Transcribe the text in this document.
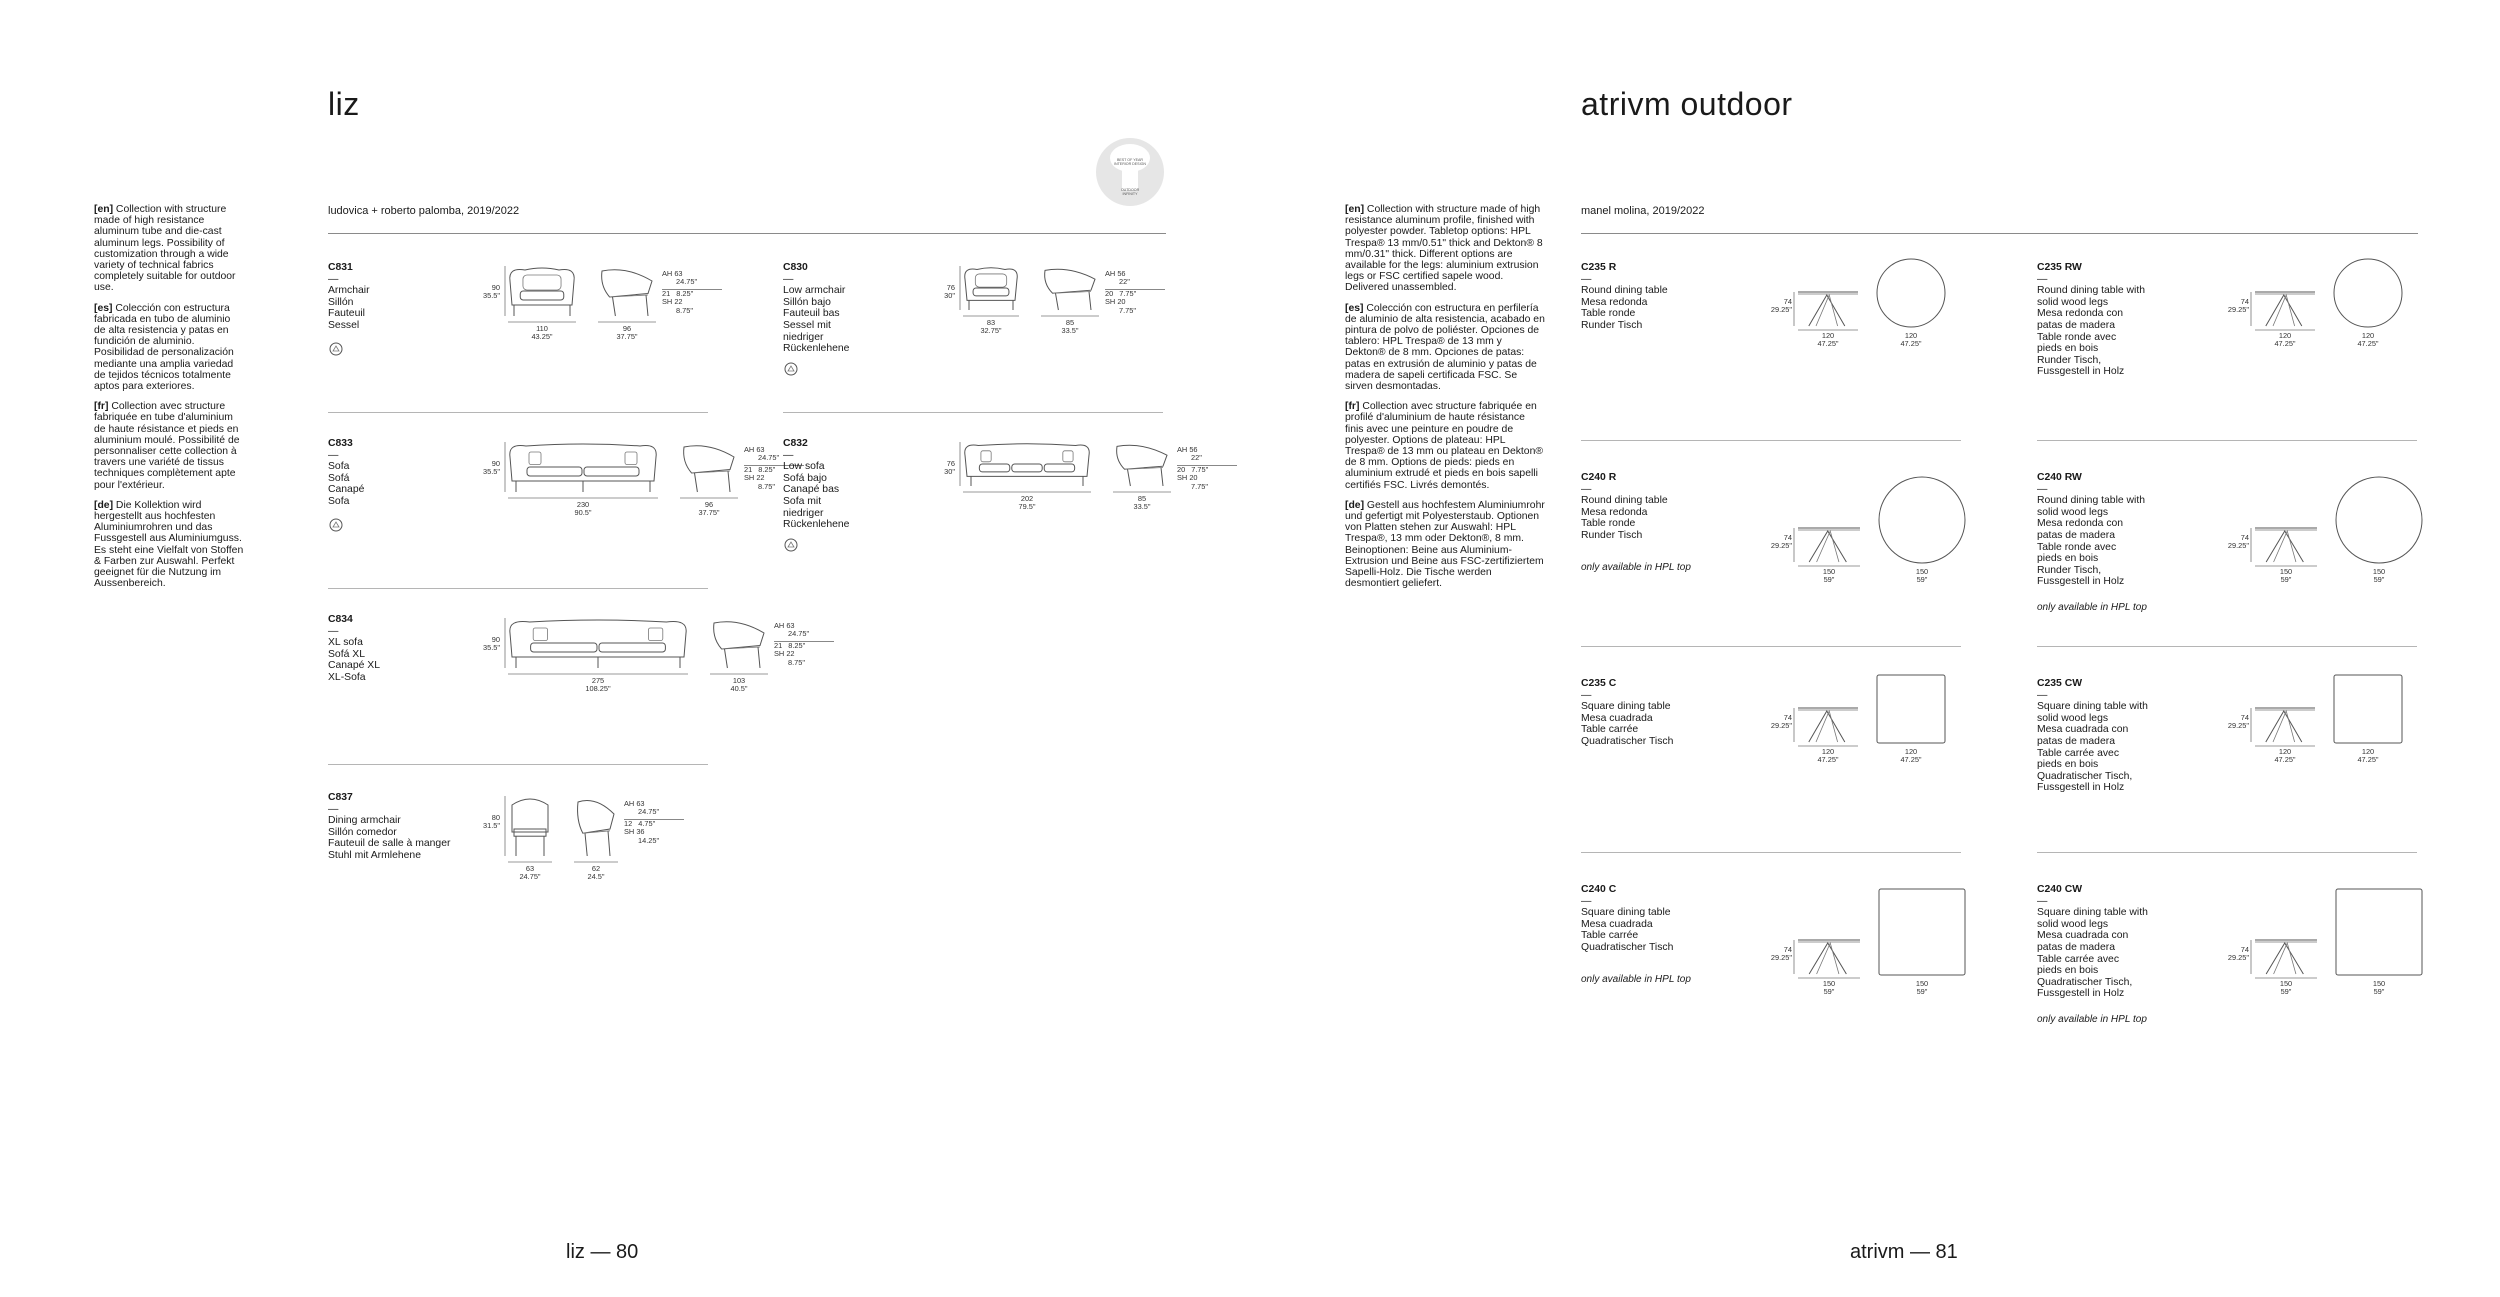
liz
BEST OF YEAR
INTERIOR DESIGN
OUTDOOR
INFINITY

[en] Collection with structure made of high resistance aluminum tube and die-cast aluminum legs. Possibility of customization through a wide variety of technical fabrics completely suitable for outdoor use.

[es] Colección con estructura fabricada en tubo de aluminio de alta resistencia y patas en fundición de aluminio. Posibilidad de personalización mediante una amplia variedad de tejidos técnicos totalmente aptos para exteriores.

[fr] Collection avec structure fabriquée en tube d'aluminium de haute résistance et pieds en aluminium moulé. Possibilité de personnaliser cette collection à travers une variété de tissus techniques complètement apte pour l'extérieur.

[de] Die Kollektion wird hergestellt aus hochfesten Aluminiumrohren und das Fussgestell aus Aluminiumguss. Es steht eine Vielfalt von Stoffen & Farben zur Auswahl. Perfekt geeignet für die Nutzung im Aussenbereich.

ludovica + roberto palomba, 2019/2022
C831
—
Armchair
Sillón
Fauteuil
Sessel
90
35.5"
110
43.25"
96
37.75"
AH 63
24.75"
21 8.25"
SH 22
8.75"
C830
—
Low armchair
Sillón bajo
Fauteuil bas
Sessel mit
niedriger
Rückenlehene
76
30"
83
32.75"
85
33.5"
AH 56
22"
20 7.75"
SH 20
7.75"
C833
—
Sofa
Sofá
Canapé
Sofa
90
35.5"
230
90.5"
96
37.75"
AH 63
24.75"
21 8.25"
SH 22
8.75"
C832
—
Low sofa
Sofá bajo
Canapé bas
Sofa mit
niedriger
Rückenlehene
76
30"
202
79.5"
85
33.5"
AH 56
22"
20 7.75"
SH 20
7.75"
C834
—
XL sofa
Sofá XL
Canapé XL
XL-Sofa
90
35.5"
275
108.25"
103
40.5"
AH 63
24.75"
21 8.25"
SH 22
8.75"
C837
—
Dining armchair
Sillón comedor
Fauteuil de salle à manger
Stuhl mit Armlehene
80
31.5"
63
24.75"
62
24.5"
AH 63
24.75"
12 4.75"
SH 36
14.25"
liz — 80
atrivm outdoor

[en] Collection with structure made of high resistance aluminum profile, finished with polyester powder. Tabletop options: HPL Trespa® 13 mm/0.51" thick and Dekton® 8 mm/0.31" thick. Different options are available for the legs: aluminium extrusion legs or FSC certified sapele wood. Delivered unassembled.

[es] Colección con estructura en perfilería de aluminio de alta resistencia, acabado en pintura de polvo de poliéster. Opciones de tablero: HPL Trespa® de 13 mm y Dekton® de 8 mm. Opciones de patas: patas en extrusión de aluminio y patas de madera de sapeli certificada FSC. Se sirven desmontadas.

[fr] Collection avec structure fabriquée en profilé d'aluminium de haute résistance finis avec une peinture en poudre de polyester. Options de plateau: HPL Trespa® de 13 mm ou plateau en Dekton® de 8 mm. Options de pieds: pieds en aluminium extrudé et pieds en bois sapelli certifiés FSC. Livrés demontés.

[de] Gestell aus hochfestem Aluminiumrohr und gefertigt mit Polyesterstaub. Optionen von Platten stehen zur Auswahl: HPL Trespa®, 13 mm oder Dekton®, 8 mm. Beinoptionen: Beine aus Aluminium-Extrusion und Beine aus FSC-zertifiziertem Sapelli-Holz. Die Tische werden desmontiert geliefert.

manel molina, 2019/2022
C235 R
—
Round dining table
Mesa redonda
Table ronde
Runder Tisch
74
29.25"
120
47.25"
120
47.25"
C235 RW
—
Round dining table with
solid wood legs
Mesa redonda con
patas de madera
Table ronde avec
pieds en bois
Runder Tisch,
Fussgestell in Holz
74
29.25"
120
47.25"
120
47.25"
C240 R
—
Round dining table
Mesa redonda
Table ronde
Runder Tisch
only available in HPL top
74
29.25"
150
59"
150
59"
C240 RW
—
Round dining table with
solid wood legs
Mesa redonda con
patas de madera
Table ronde avec
pieds en bois
Runder Tisch,
Fussgestell in Holz
only available in HPL top
74
29.25"
150
59"
150
59"
C235 C
—
Square dining table
Mesa cuadrada
Table carrée
Quadratischer Tisch
74
29.25"
120
47.25"
120
47.25"
C235 CW
—
Square dining table with
solid wood legs
Mesa cuadrada con
patas de madera
Table carrée avec
pieds en bois
Quadratischer Tisch,
Fussgestell in Holz
74
29.25"
120
47.25"
120
47.25"
C240 C
—
Square dining table
Mesa cuadrada
Table carrée
Quadratischer Tisch
only available in HPL top
74
29.25"
150
59"
150
59"
C240 CW
—
Square dining table with
solid wood legs
Mesa cuadrada con
patas de madera
Table carrée avec
pieds en bois
Quadratischer Tisch,
Fussgestell in Holz
only available in HPL top
74
29.25"
150
59"
150
59"
atrivm — 81
